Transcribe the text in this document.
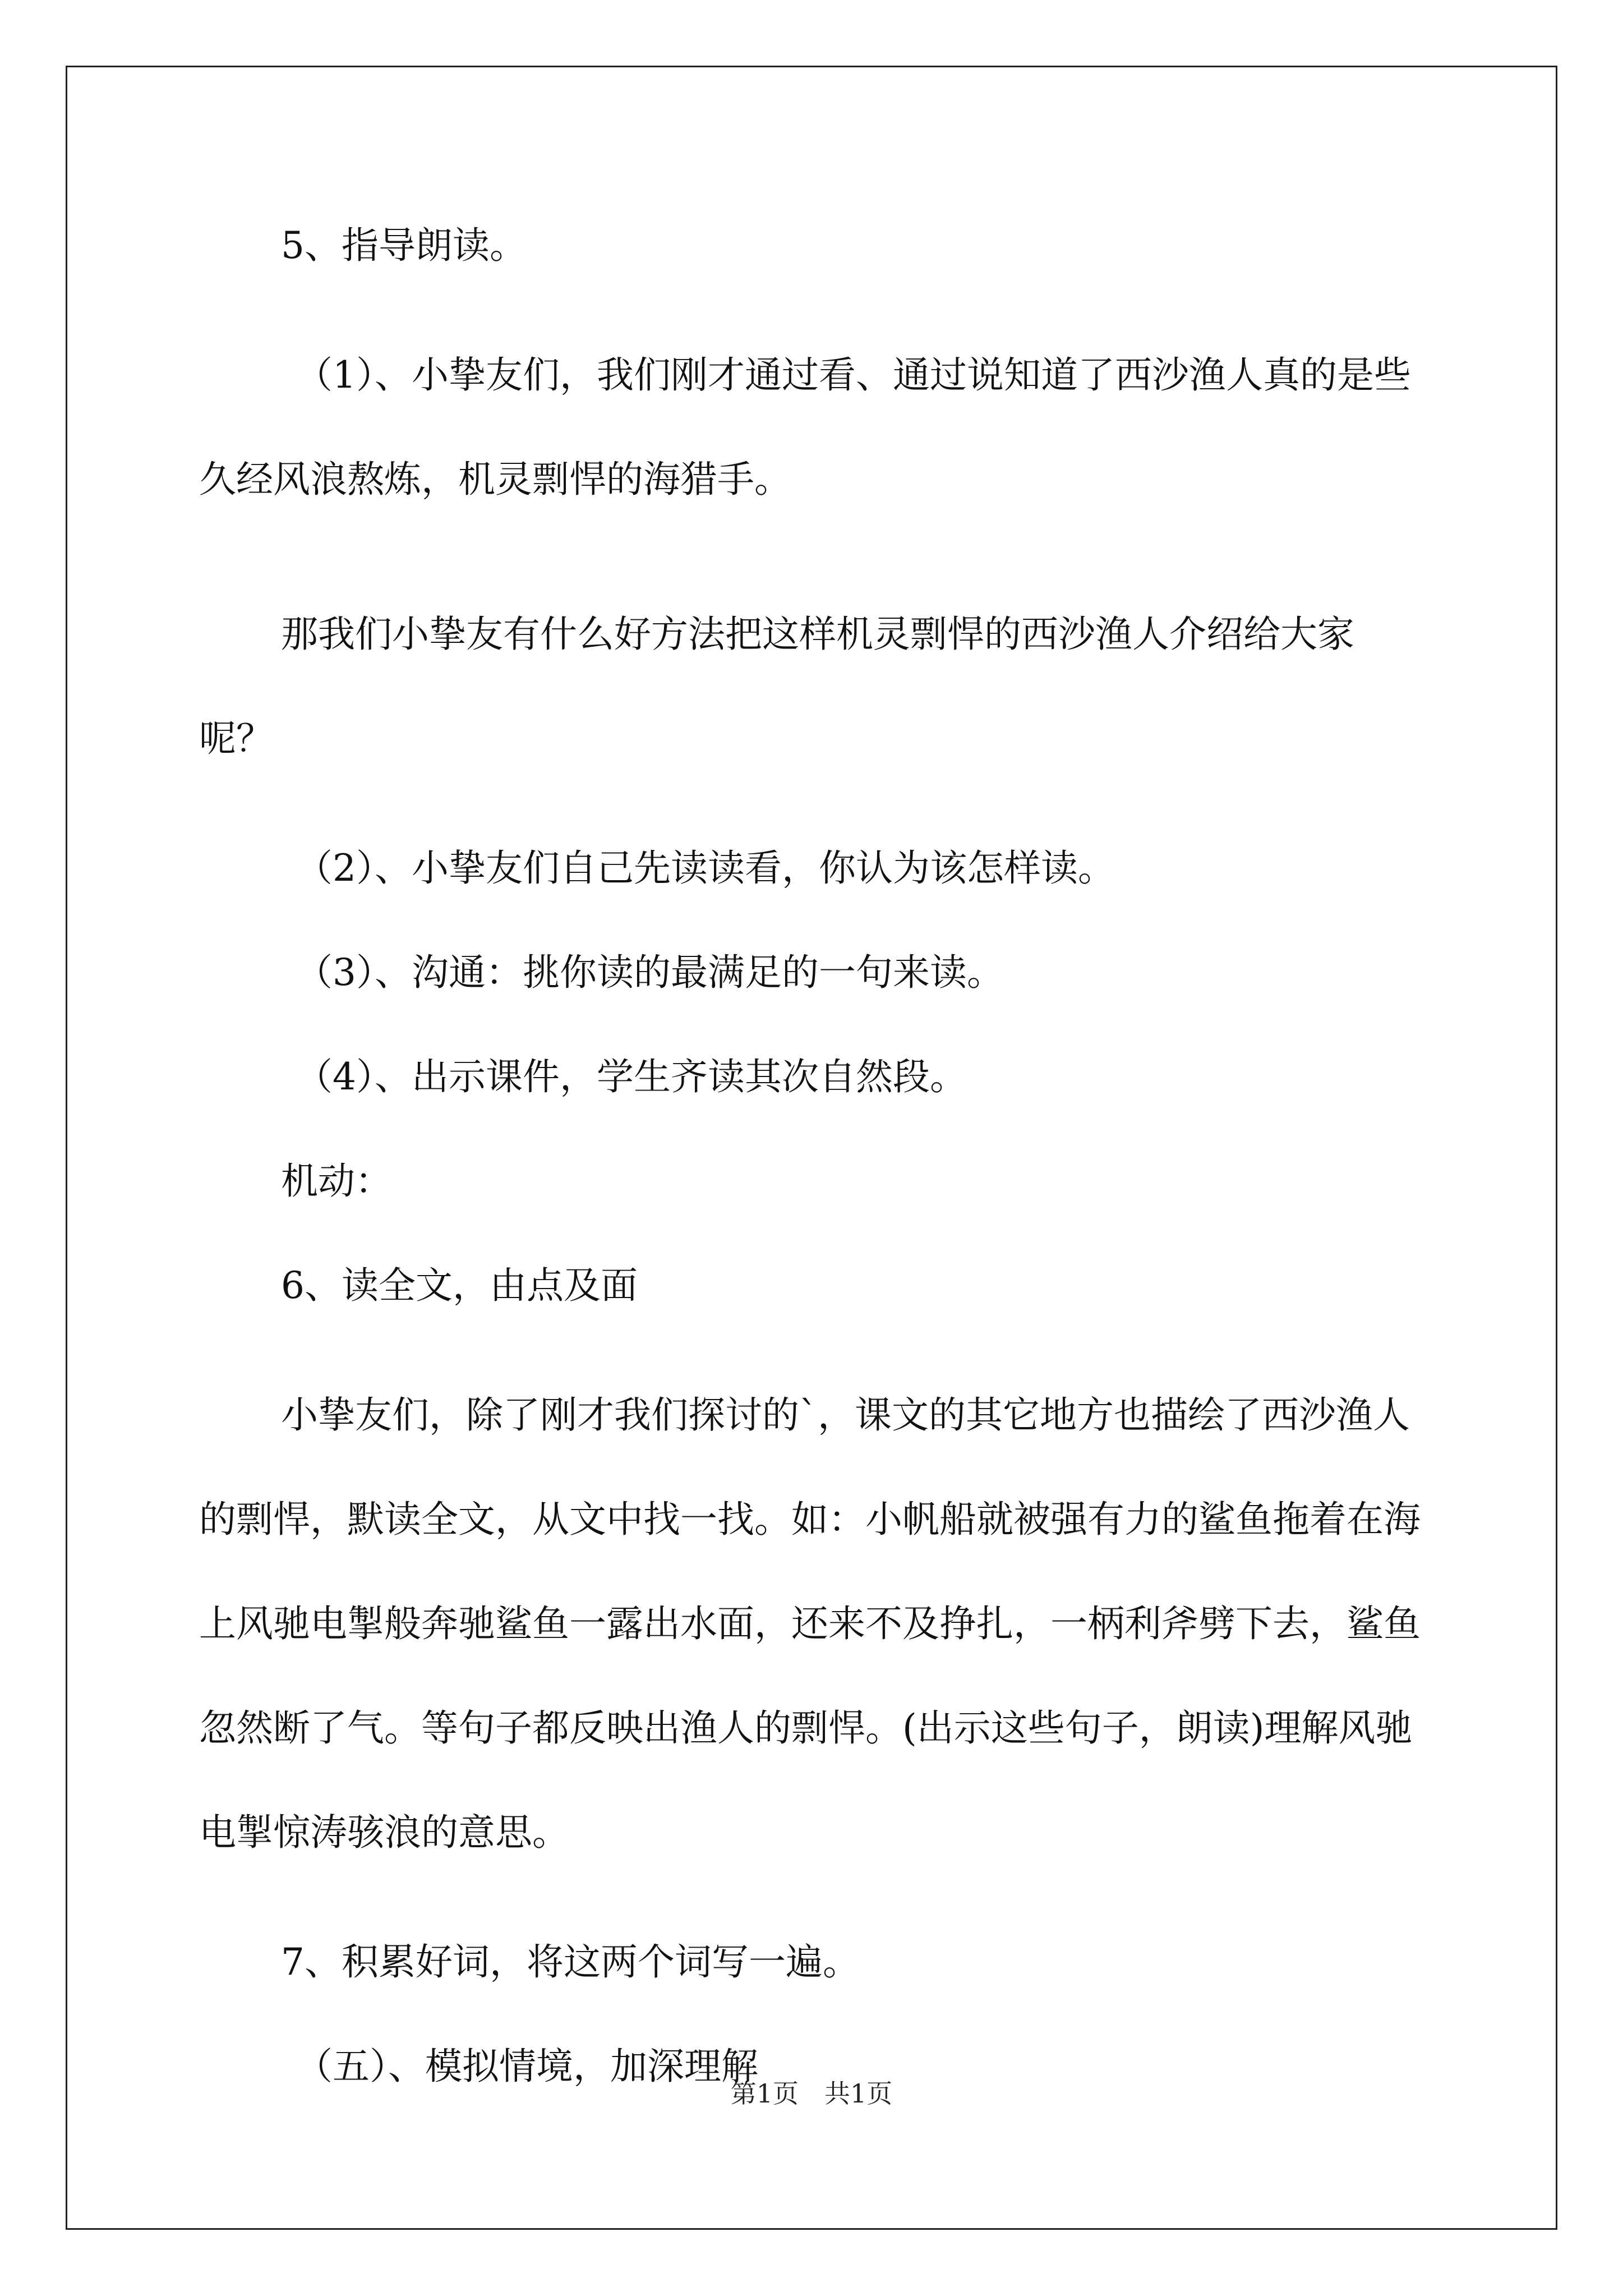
5、指导朗读。

（1）、小挚友们，我们刚才通过看、通过说知道了西沙渔人真的是些久经风浪熬炼，机灵剽悍的海猎手。

那我们小挚友有什么好方法把这样机灵剽悍的西沙渔人介绍给大家呢？

（2）、小挚友们自己先读读看，你认为该怎样读。

（3）、沟通：挑你读的最满足的一句来读。

（4）、出示课件，学生齐读其次自然段。

机动：

6、读全文，由点及面

小挚友们，除了刚才我们探讨的`，课文的其它地方也描绘了西沙渔人的剽悍，默读全文，从文中找一找。如：小帆船就被强有力的鲨鱼拖着在海上风驰电掣般奔驰鲨鱼一露出水面，还来不及挣扎，一柄利斧劈下去，鲨鱼忽然断了气。等句子都反映出渔人的剽悍。(出示这些句子，朗读)理解风驰电掣惊涛骇浪的意思。

7、积累好词，将这两个词写一遍。

（五）、模拟情境，加深理解

第1页　共1页
